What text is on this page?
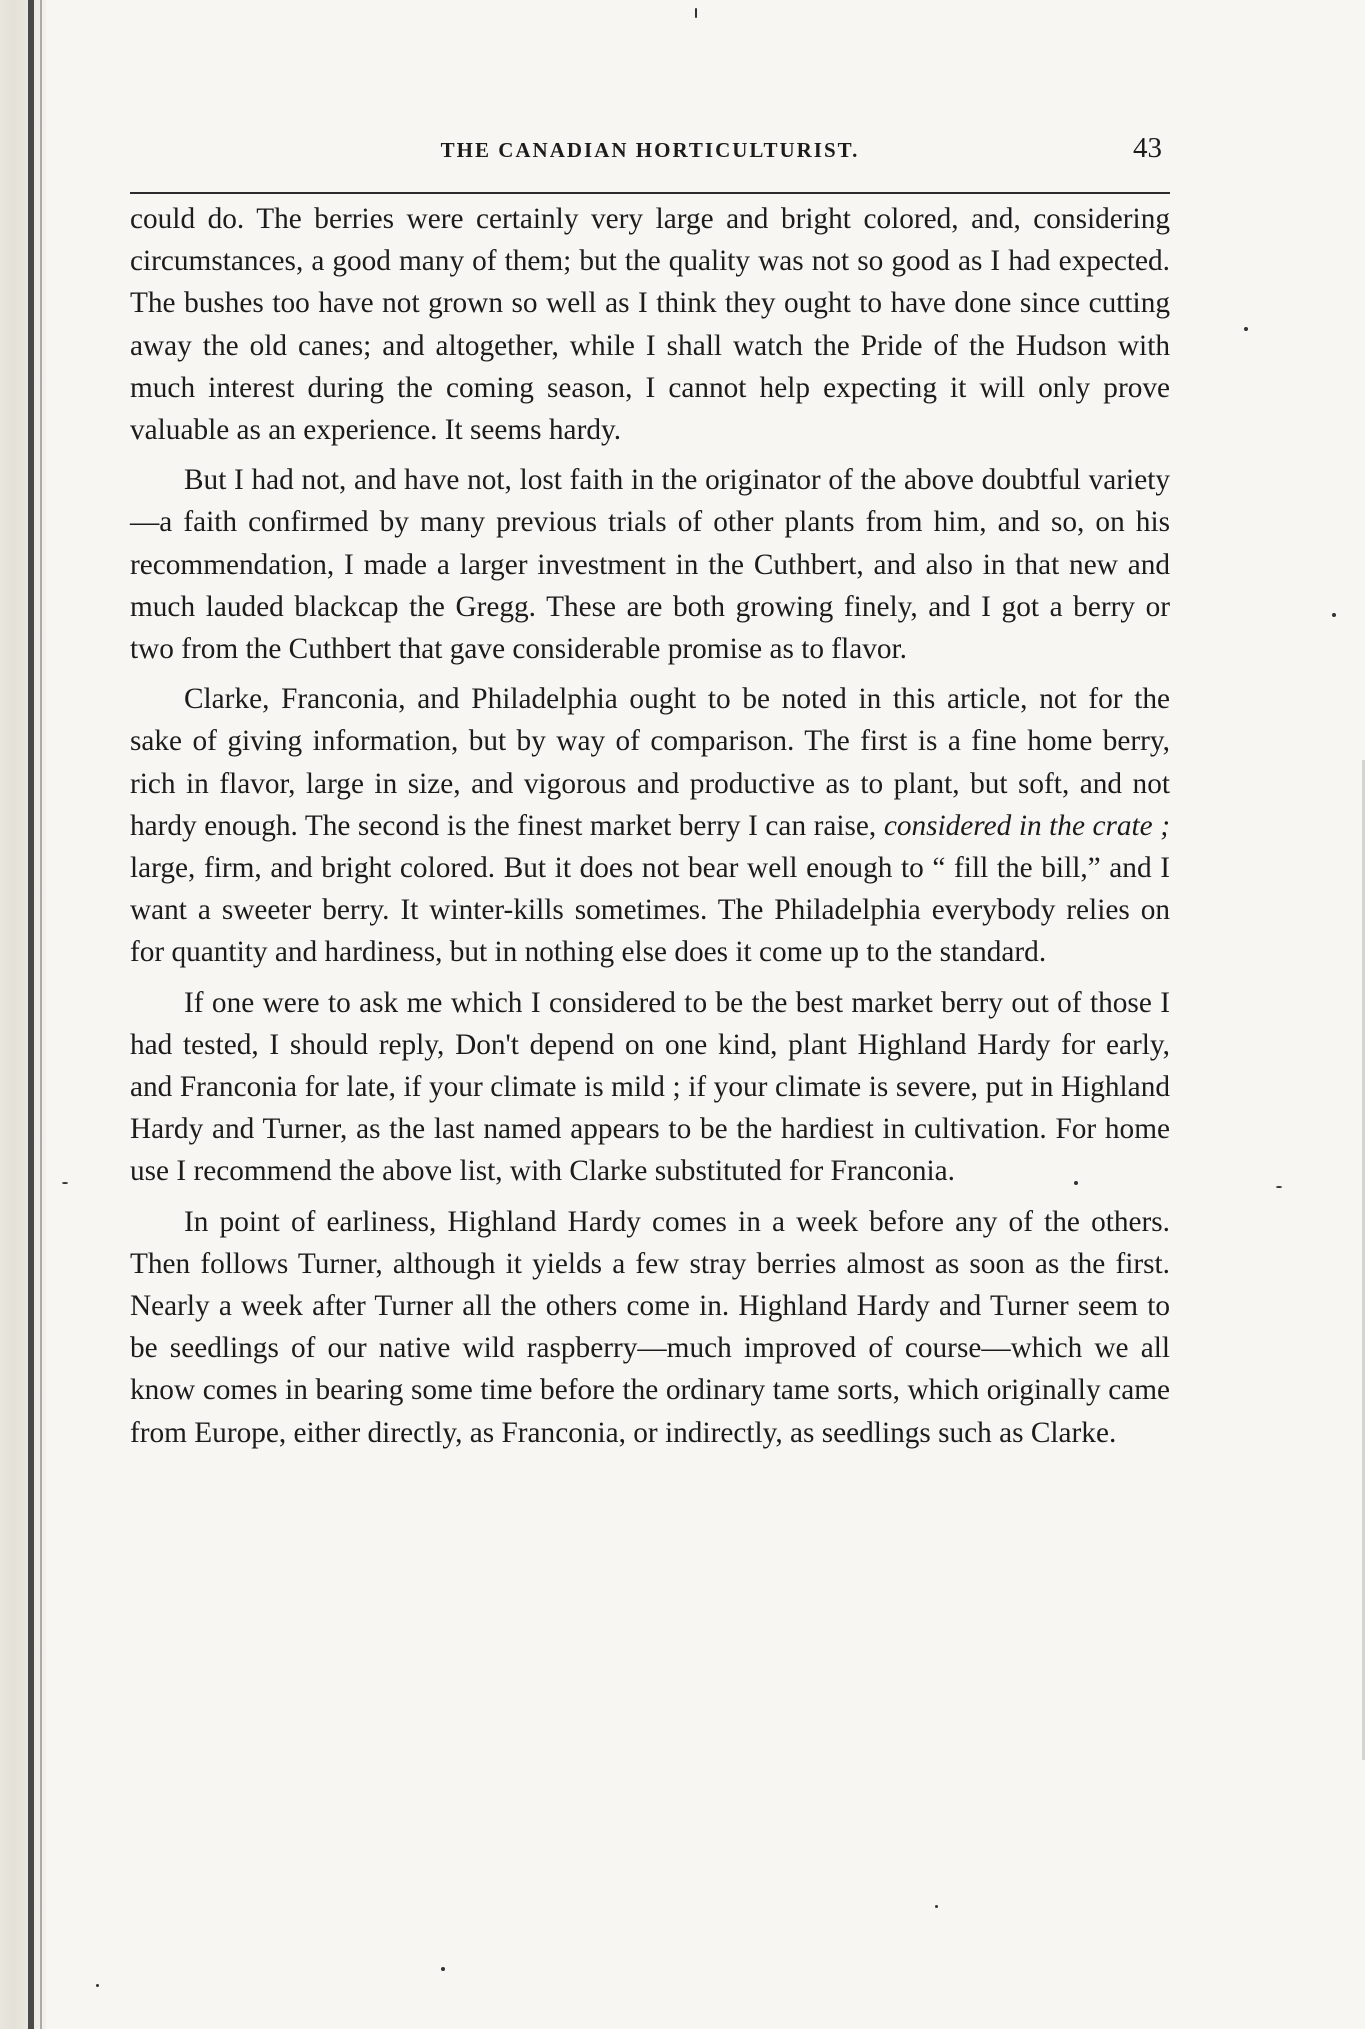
THE CANADIAN HORTICULTURIST.	43

could do. The berries were certainly very large and bright colored, and, considering circumstances, a good many of them; but the quality was not so good as I had expected. The bushes too have not grown so well as I think they ought to have done since cutting away the old canes; and altogether, while I shall watch the Pride of the Hudson with much interest during the coming season, I cannot help expecting it will only prove valuable as an experience. It seems hardy.

But I had not, and have not, lost faith in the originator of the above doubtful variety—a faith confirmed by many previous trials of other plants from him, and so, on his recommendation, I made a larger investment in the Cuthbert, and also in that new and much lauded blackcap the Gregg. These are both growing finely, and I got a berry or two from the Cuthbert that gave considerable promise as to flavor.

Clarke, Franconia, and Philadelphia ought to be noted in this article, not for the sake of giving information, but by way of comparison. The first is a fine home berry, rich in flavor, large in size, and vigorous and productive as to plant, but soft, and not hardy enough. The second is the finest market berry I can raise, considered in the crate ; large, firm, and bright colored. But it does not bear well enough to “ fill the bill,” and I want a sweeter berry. It winter-kills sometimes. The Philadelphia everybody relies on for quantity and hardiness, but in nothing else does it come up to the standard.

If one were to ask me which I considered to be the best market berry out of those I had tested, I should reply, Don't depend on one kind, plant Highland Hardy for early, and Franconia for late, if your climate is mild ; if your climate is severe, put in Highland Hardy and Turner, as the last named appears to be the hardiest in cultivation. For home use I recommend the above list, with Clarke substituted for Franconia.

In point of earliness, Highland Hardy comes in a week before any of the others. Then follows Turner, although it yields a few stray berries almost as soon as the first. Nearly a week after Turner all the others come in. Highland Hardy and Turner seem to be seedlings of our native wild raspberry—much improved of course—which we all know comes in bearing some time before the ordinary tame sorts, which originally came from Europe, either directly, as Franconia, or indirectly, as seedlings such as Clarke.
